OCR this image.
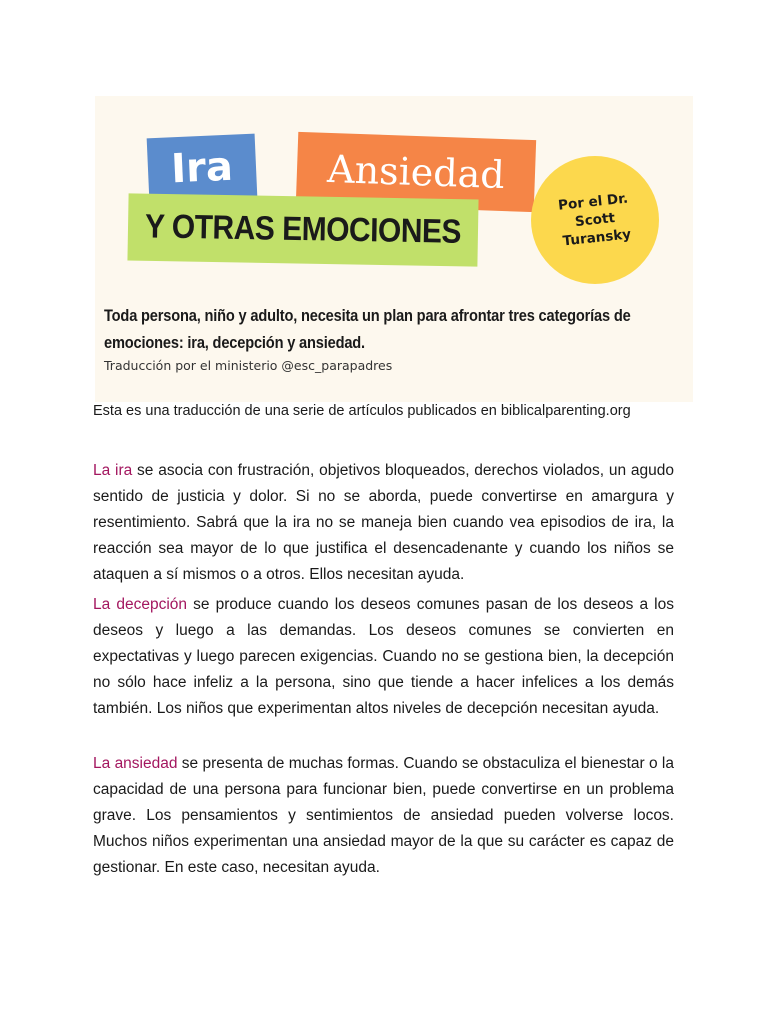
Ira	Ansiedad
Y OTRAS EMOCIONES
Por el Dr.
Scott
Turansky
Toda persona, niño y adulto, necesita un plan para afrontar tres categorías de emociones: ira, decepción y ansiedad.
Traducción por el ministerio @esc_parapadres
Esta es una traducción de una serie de artículos publicados en biblicalparenting.org

La ira se asocia con frustración, objetivos bloqueados, derechos violados, un agudo sentido de justicia y dolor. Si no se aborda, puede convertirse en amargura y resentimiento. Sabrá que la ira no se maneja bien cuando vea episodios de ira, la reacción sea mayor de lo que justifica el desencadenante y cuando los niños se ataquen a sí mismos o a otros. Ellos necesitan ayuda.

La decepción se produce cuando los deseos comunes pasan de los deseos a los deseos y luego a las demandas. Los deseos comunes se convierten en expectativas y luego parecen exigencias. Cuando no se gestiona bien, la decepción no sólo hace infeliz a la persona, sino que tiende a hacer infelices a los demás también. Los niños que experimentan altos niveles de decepción necesitan ayuda.

La ansiedad se presenta de muchas formas. Cuando se obstaculiza el bienestar o la capacidad de una persona para funcionar bien, puede convertirse en un problema grave. Los pensamientos y sentimientos de ansiedad pueden volverse locos. Muchos niños experimentan una ansiedad mayor de la que su carácter es capaz de gestionar. En este caso, necesitan ayuda.
